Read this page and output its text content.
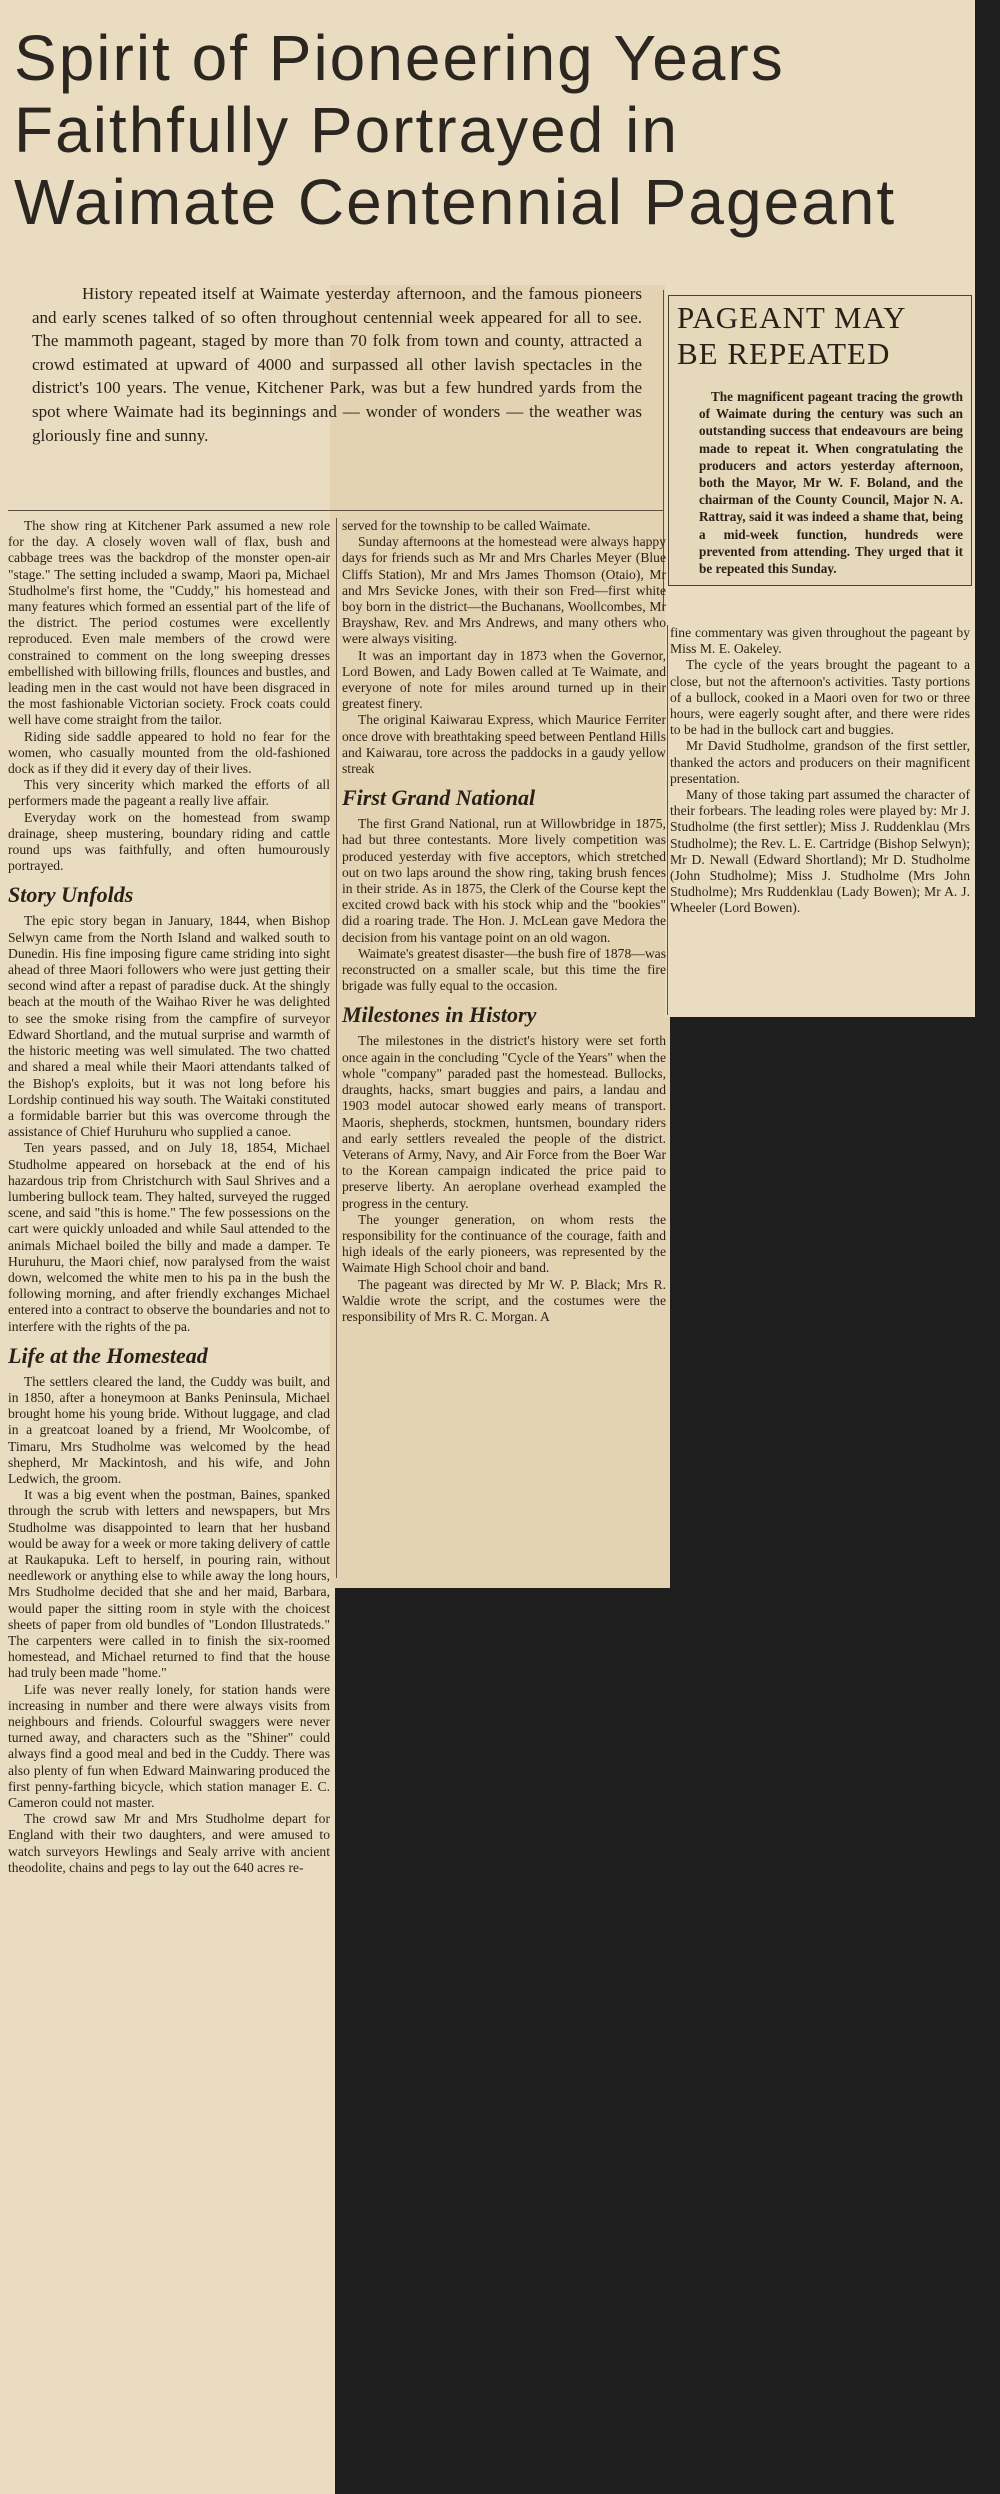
Spirit of Pioneering Years
Faithfully Portrayed in
Waimate Centennial Pageant
History repeated itself at Waimate yesterday afternoon, and the famous pioneers and early scenes talked of so often throughout centennial week appeared for all to see. The mammoth pageant, staged by more than 70 folk from town and county, attracted a crowd estimated at upward of 4000 and surpassed all other lavish spectacles in the district's 100 years. The venue, Kitchener Park, was but a few hundred yards from the spot where Waimate had its beginnings and — wonder of wonders — the weather was gloriously fine and sunny.
PAGEANT MAY
BE REPEATED
The magnificent pageant tracing the growth of Waimate during the century was such an outstanding success that endeavours are being made to repeat it. When congratulating the producers and actors yesterday afternoon, both the Mayor, Mr W. F. Boland, and the chairman of the County Council, Major N. A. Rattray, said it was indeed a shame that, being a mid-week function, hundreds were prevented from attending. They urged that it be repeated this Sunday.

The show ring at Kitchener Park assumed a new role for the day. A closely woven wall of flax, bush and cabbage trees was the backdrop of the monster open-air "stage." The setting included a swamp, Maori pa, Michael Studholme's first home, the "Cuddy," his homestead and many features which formed an essential part of the life of the district. The period costumes were excellently reproduced. Even male members of the crowd were constrained to comment on the long sweeping dresses embellished with billowing frills, flounces and bustles, and leading men in the cast would not have been disgraced in the most fashionable Victorian society. Frock coats could well have come straight from the tailor.

Riding side saddle appeared to hold no fear for the women, who casually mounted from the old-fashioned dock as if they did it every day of their lives.

This very sincerity which marked the efforts of all performers made the pageant a really live affair.

Everyday work on the homestead from swamp drainage, sheep mustering, boundary riding and cattle round ups was faithfully, and often humourously portrayed.

Story Unfolds

The epic story began in January, 1844, when Bishop Selwyn came from the North Island and walked south to Dunedin. His fine imposing figure came striding into sight ahead of three Maori followers who were just getting their second wind after a repast of paradise duck. At the shingly beach at the mouth of the Waihao River he was delighted to see the smoke rising from the campfire of surveyor Edward Shortland, and the mutual surprise and warmth of the historic meeting was well simulated. The two chatted and shared a meal while their Maori attendants talked of the Bishop's exploits, but it was not long before his Lordship continued his way south. The Waitaki constituted a formidable barrier but this was overcome through the assistance of Chief Huruhuru who supplied a canoe.

Ten years passed, and on July 18, 1854, Michael Studholme appeared on horseback at the end of his hazardous trip from Christchurch with Saul Shrives and a lumbering bullock team. They halted, surveyed the rugged scene, and said "this is home." The few possessions on the cart were quickly unloaded and while Saul attended to the animals Michael boiled the billy and made a damper. Te Huruhuru, the Maori chief, now paralysed from the waist down, welcomed the white men to his pa in the bush the following morning, and after friendly exchanges Michael entered into a contract to observe the boundaries and not to interfere with the rights of the pa.

Life at the Homestead

The settlers cleared the land, the Cuddy was built, and in 1850, after a honeymoon at Banks Peninsula, Michael brought home his young bride. Without luggage, and clad in a greatcoat loaned by a friend, Mr Woolcombe, of Timaru, Mrs Studholme was welcomed by the head shepherd, Mr Mackintosh, and his wife, and John Ledwich, the groom.

It was a big event when the postman, Baines, spanked through the scrub with letters and newspapers, but Mrs Studholme was disappointed to learn that her husband would be away for a week or more taking delivery of cattle at Raukapuka. Left to herself, in pouring rain, without needlework or anything else to while away the long hours, Mrs Studholme decided that she and her maid, Barbara, would paper the sitting room in style with the choicest sheets of paper from old bundles of "London Illustrateds." The carpenters were called in to finish the six-roomed homestead, and Michael returned to find that the house had truly been made "home."

Life was never really lonely, for station hands were increasing in number and there were always visits from neighbours and friends. Colourful swaggers were never turned away, and characters such as the "Shiner" could always find a good meal and bed in the Cuddy. There was also plenty of fun when Edward Mainwaring produced the first penny-farthing bicycle, which station manager E. C. Cameron could not master.

The crowd saw Mr and Mrs Studholme depart for England with their two daughters, and were amused to watch surveyors Hewlings and Sealy arrive with ancient theodolite, chains and pegs to lay out the 640 acres re-

served for the township to be called Waimate.

Sunday afternoons at the homestead were always happy days for friends such as Mr and Mrs Charles Meyer (Blue Cliffs Station), Mr and Mrs James Thomson (Otaio), Mr and Mrs Sevicke Jones, with their son Fred—first white boy born in the district—the Buchanans, Woollcombes, Mr Brayshaw, Rev. and Mrs Andrews, and many others who were always visiting.

It was an important day in 1873 when the Governor, Lord Bowen, and Lady Bowen called at Te Waimate, and everyone of note for miles around turned up in their greatest finery.

The original Kaiwarau Express, which Maurice Ferriter once drove with breathtaking speed between Pentland Hills and Kaiwarau, tore across the paddocks in a gaudy yellow streak

First Grand National

The first Grand National, run at Willowbridge in 1875, had but three contestants. More lively competition was produced yesterday with five acceptors, which stretched out on two laps around the show ring, taking brush fences in their stride. As in 1875, the Clerk of the Course kept the excited crowd back with his stock whip and the "bookies" did a roaring trade. The Hon. J. McLean gave Medora the decision from his vantage point on an old wagon.

Waimate's greatest disaster—the bush fire of 1878—was reconstructed on a smaller scale, but this time the fire brigade was fully equal to the occasion.

Milestones in History

The milestones in the district's history were set forth once again in the concluding "Cycle of the Years" when the whole "company" paraded past the homestead. Bullocks, draughts, hacks, smart buggies and pairs, a landau and 1903 model autocar showed early means of transport. Maoris, shepherds, stockmen, huntsmen, boundary riders and early settlers revealed the people of the district. Veterans of Army, Navy, and Air Force from the Boer War to the Korean campaign indicated the price paid to preserve liberty. An aeroplane overhead exampled the progress in the century.

The younger generation, on whom rests the responsibility for the continuance of the courage, faith and high ideals of the early pioneers, was represented by the Waimate High School choir and band.

The pageant was directed by Mr W. P. Black; Mrs R. Waldie wrote the script, and the costumes were the responsibility of Mrs R. C. Morgan. A

fine commentary was given throughout the pageant by Miss M. E. Oakeley.

The cycle of the years brought the pageant to a close, but not the afternoon's activities. Tasty portions of a bullock, cooked in a Maori oven for two or three hours, were eagerly sought after, and there were rides to be had in the bullock cart and buggies.

Mr David Studholme, grandson of the first settler, thanked the actors and producers on their magnificent presentation.

Many of those taking part assumed the character of their forbears. The leading roles were played by: Mr J. Studholme (the first settler); Miss J. Ruddenklau (Mrs Studholme); the Rev. L. E. Cartridge (Bishop Selwyn); Mr D. Newall (Edward Shortland); Mr D. Studholme (John Studholme); Miss J. Studholme (Mrs John Studholme); Mrs Ruddenklau (Lady Bowen); Mr A. J. Wheeler (Lord Bowen).
